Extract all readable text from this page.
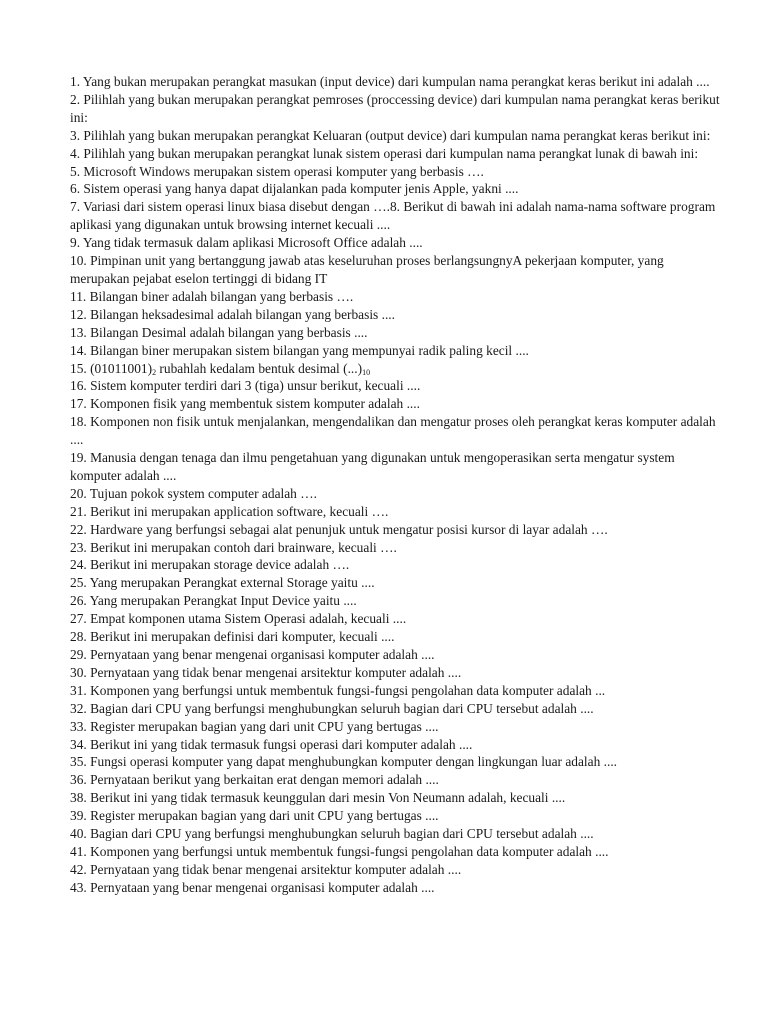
1. Yang bukan merupakan perangkat masukan (input device) dari kumpulan nama perangkat keras berikut ini adalah ....

2. Pilihlah yang bukan merupakan perangkat pemroses (proccessing device) dari kumpulan nama perangkat keras berikut ini:

3. Pilihlah yang bukan merupakan perangkat Keluaran (output device) dari kumpulan nama perangkat keras berikut ini:

4. Pilihlah yang bukan merupakan perangkat lunak sistem operasi dari kumpulan nama perangkat lunak di bawah ini:

5. Microsoft Windows merupakan sistem operasi komputer yang berbasis ….

6. Sistem operasi yang hanya dapat dijalankan pada komputer jenis Apple, yakni ....

7. Variasi dari sistem operasi linux biasa disebut dengan ….8. Berikut di bawah ini adalah nama-nama software program aplikasi yang digunakan untuk browsing internet kecuali ....

9. Yang tidak termasuk dalam aplikasi Microsoft Office adalah ....

10. Pimpinan unit yang bertanggung jawab atas keseluruhan proses berlangsungnyA pekerjaan komputer, yang merupakan pejabat eselon tertinggi di bidang IT

11. Bilangan biner adalah bilangan yang berbasis ….

12. Bilangan heksadesimal adalah bilangan yang berbasis ....

13. Bilangan Desimal adalah bilangan yang berbasis ....

14. Bilangan biner merupakan sistem bilangan yang mempunyai radik paling kecil ....

15. $(01011001)_2$ rubahlah kedalam bentuk desimal $(...)_{10}$

16. Sistem komputer terdiri dari 3 (tiga) unsur berikut, kecuali ....

17. Komponen fisik yang membentuk sistem komputer adalah ....

18. Komponen non fisik untuk menjalankan, mengendalikan dan mengatur proses oleh perangkat keras komputer adalah ....

19. Manusia dengan tenaga dan ilmu pengetahuan yang digunakan untuk mengoperasikan serta mengatur system komputer adalah ....

20. Tujuan pokok system computer adalah ….

21. Berikut ini merupakan application software, kecuali ….

22. Hardware yang berfungsi sebagai alat penunjuk untuk mengatur posisi kursor di layar adalah ….

23. Berikut ini merupakan contoh dari brainware, kecuali ….

24. Berikut ini merupakan storage device adalah ….

25. Yang merupakan Perangkat external Storage yaitu ....

26. Yang merupakan Perangkat Input Device yaitu ....

27. Empat komponen utama Sistem Operasi adalah, kecuali ....

28. Berikut ini merupakan definisi dari komputer, kecuali ....

29. Pernyataan yang benar mengenai organisasi komputer adalah ....

30. Pernyataan yang tidak benar mengenai arsitektur komputer adalah ....

31. Komponen yang berfungsi untuk membentuk fungsi-fungsi pengolahan data komputer adalah ...

32. Bagian dari CPU yang berfungsi menghubungkan seluruh bagian dari CPU tersebut adalah ....

33. Register merupakan bagian yang dari unit CPU yang bertugas ....

34. Berikut ini yang tidak termasuk fungsi operasi dari komputer adalah ....

35. Fungsi operasi komputer yang dapat menghubungkan komputer dengan lingkungan luar adalah ....

36. Pernyataan berikut yang berkaitan erat dengan memori adalah ....

38. Berikut ini yang tidak termasuk keunggulan dari mesin Von Neumann adalah, kecuali ....

39. Register merupakan bagian yang dari unit CPU yang bertugas ....

40. Bagian dari CPU yang berfungsi menghubungkan seluruh bagian dari CPU tersebut adalah ....

41. Komponen yang berfungsi untuk membentuk fungsi-fungsi pengolahan data komputer adalah ....

42. Pernyataan yang tidak benar mengenai arsitektur komputer adalah ....

43. Pernyataan yang benar mengenai organisasi komputer adalah ....
